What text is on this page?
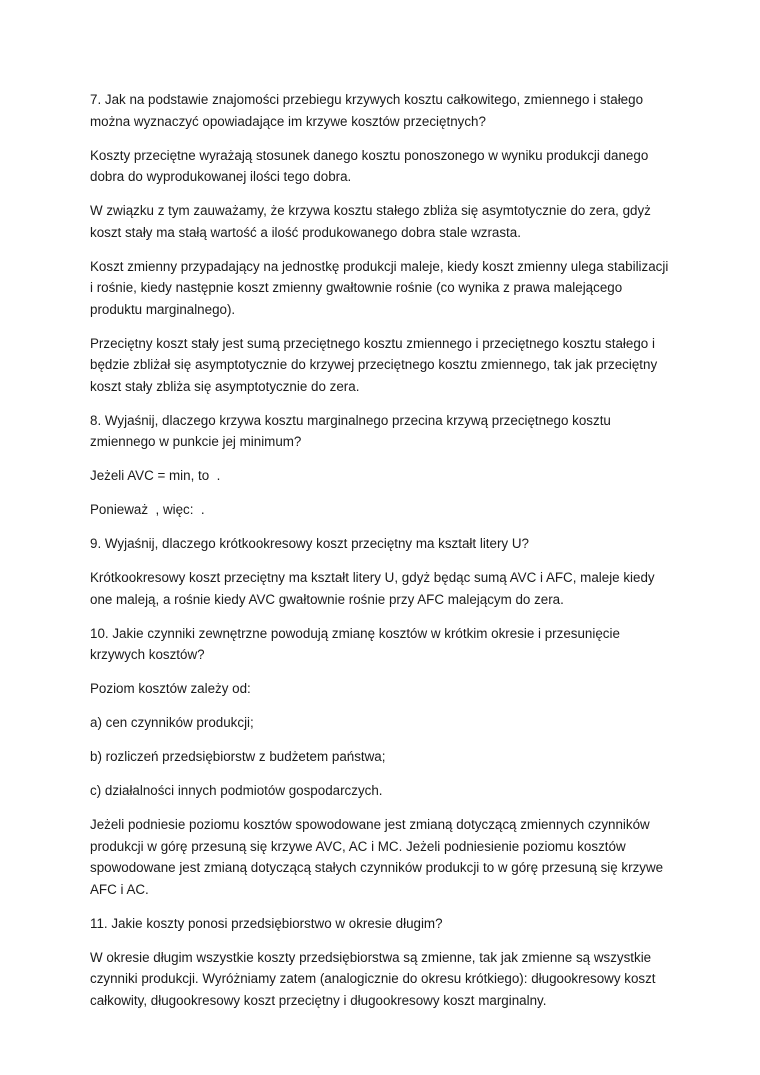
7. Jak na podstawie znajomości przebiegu krzywych kosztu całkowitego, zmiennego i stałego można wyznaczyć opowiadające im krzywe kosztów przeciętnych?

Koszty przeciętne wyrażają stosunek danego kosztu ponoszonego w wyniku produkcji danego dobra do wyprodukowanej ilości tego dobra.

W związku z tym zauważamy, że krzywa kosztu stałego zbliża się asymtotycznie do zera, gdyż koszt stały ma stałą wartość a ilość produkowanego dobra stale wzrasta.

Koszt zmienny przypadający na jednostkę produkcji maleje, kiedy koszt zmienny ulega stabilizacji i rośnie, kiedy następnie koszt zmienny gwałtownie rośnie (co wynika z prawa malejącego produktu marginalnego).

Przeciętny koszt stały jest sumą przeciętnego kosztu zmiennego i przeciętnego kosztu stałego i będzie zbliżał się asymptotycznie do krzywej przeciętnego kosztu zmiennego, tak jak przeciętny koszt stały zbliża się asymptotycznie do zera.

8. Wyjaśnij, dlaczego krzywa kosztu marginalnego przecina krzywą przeciętnego kosztu zmiennego w punkcie jej minimum?

Jeżeli AVC = min, to  .

Ponieważ  , więc:  .

9. Wyjaśnij, dlaczego krótkookresowy koszt przeciętny ma kształt litery U?

Krótkookresowy koszt przeciętny ma kształt litery U, gdyż będąc sumą AVC i AFC, maleje kiedy one maleją, a rośnie kiedy AVC gwałtownie rośnie przy AFC malejącym do zera.

10. Jakie czynniki zewnętrzne powodują zmianę kosztów w krótkim okresie i przesunięcie krzywych kosztów?

Poziom kosztów zależy od:

a) cen czynników produkcji;

b) rozliczeń przedsiębiorstw z budżetem państwa;

c) działalności innych podmiotów gospodarczych.

Jeżeli podniesie poziomu kosztów spowodowane jest zmianą dotyczącą zmiennych czynników produkcji w górę przesuną się krzywe AVC, AC i MC. Jeżeli podniesienie poziomu kosztów spowodowane jest zmianą dotyczącą stałych czynników produkcji to w górę przesuną się krzywe AFC i AC.

11. Jakie koszty ponosi przedsiębiorstwo w okresie długim?

W okresie długim wszystkie koszty przedsiębiorstwa są zmienne, tak jak zmienne są wszystkie czynniki produkcji. Wyróżniamy zatem (analogicznie do okresu krótkiego): długookresowy koszt całkowity, długookresowy koszt przeciętny i długookresowy koszt marginalny.
